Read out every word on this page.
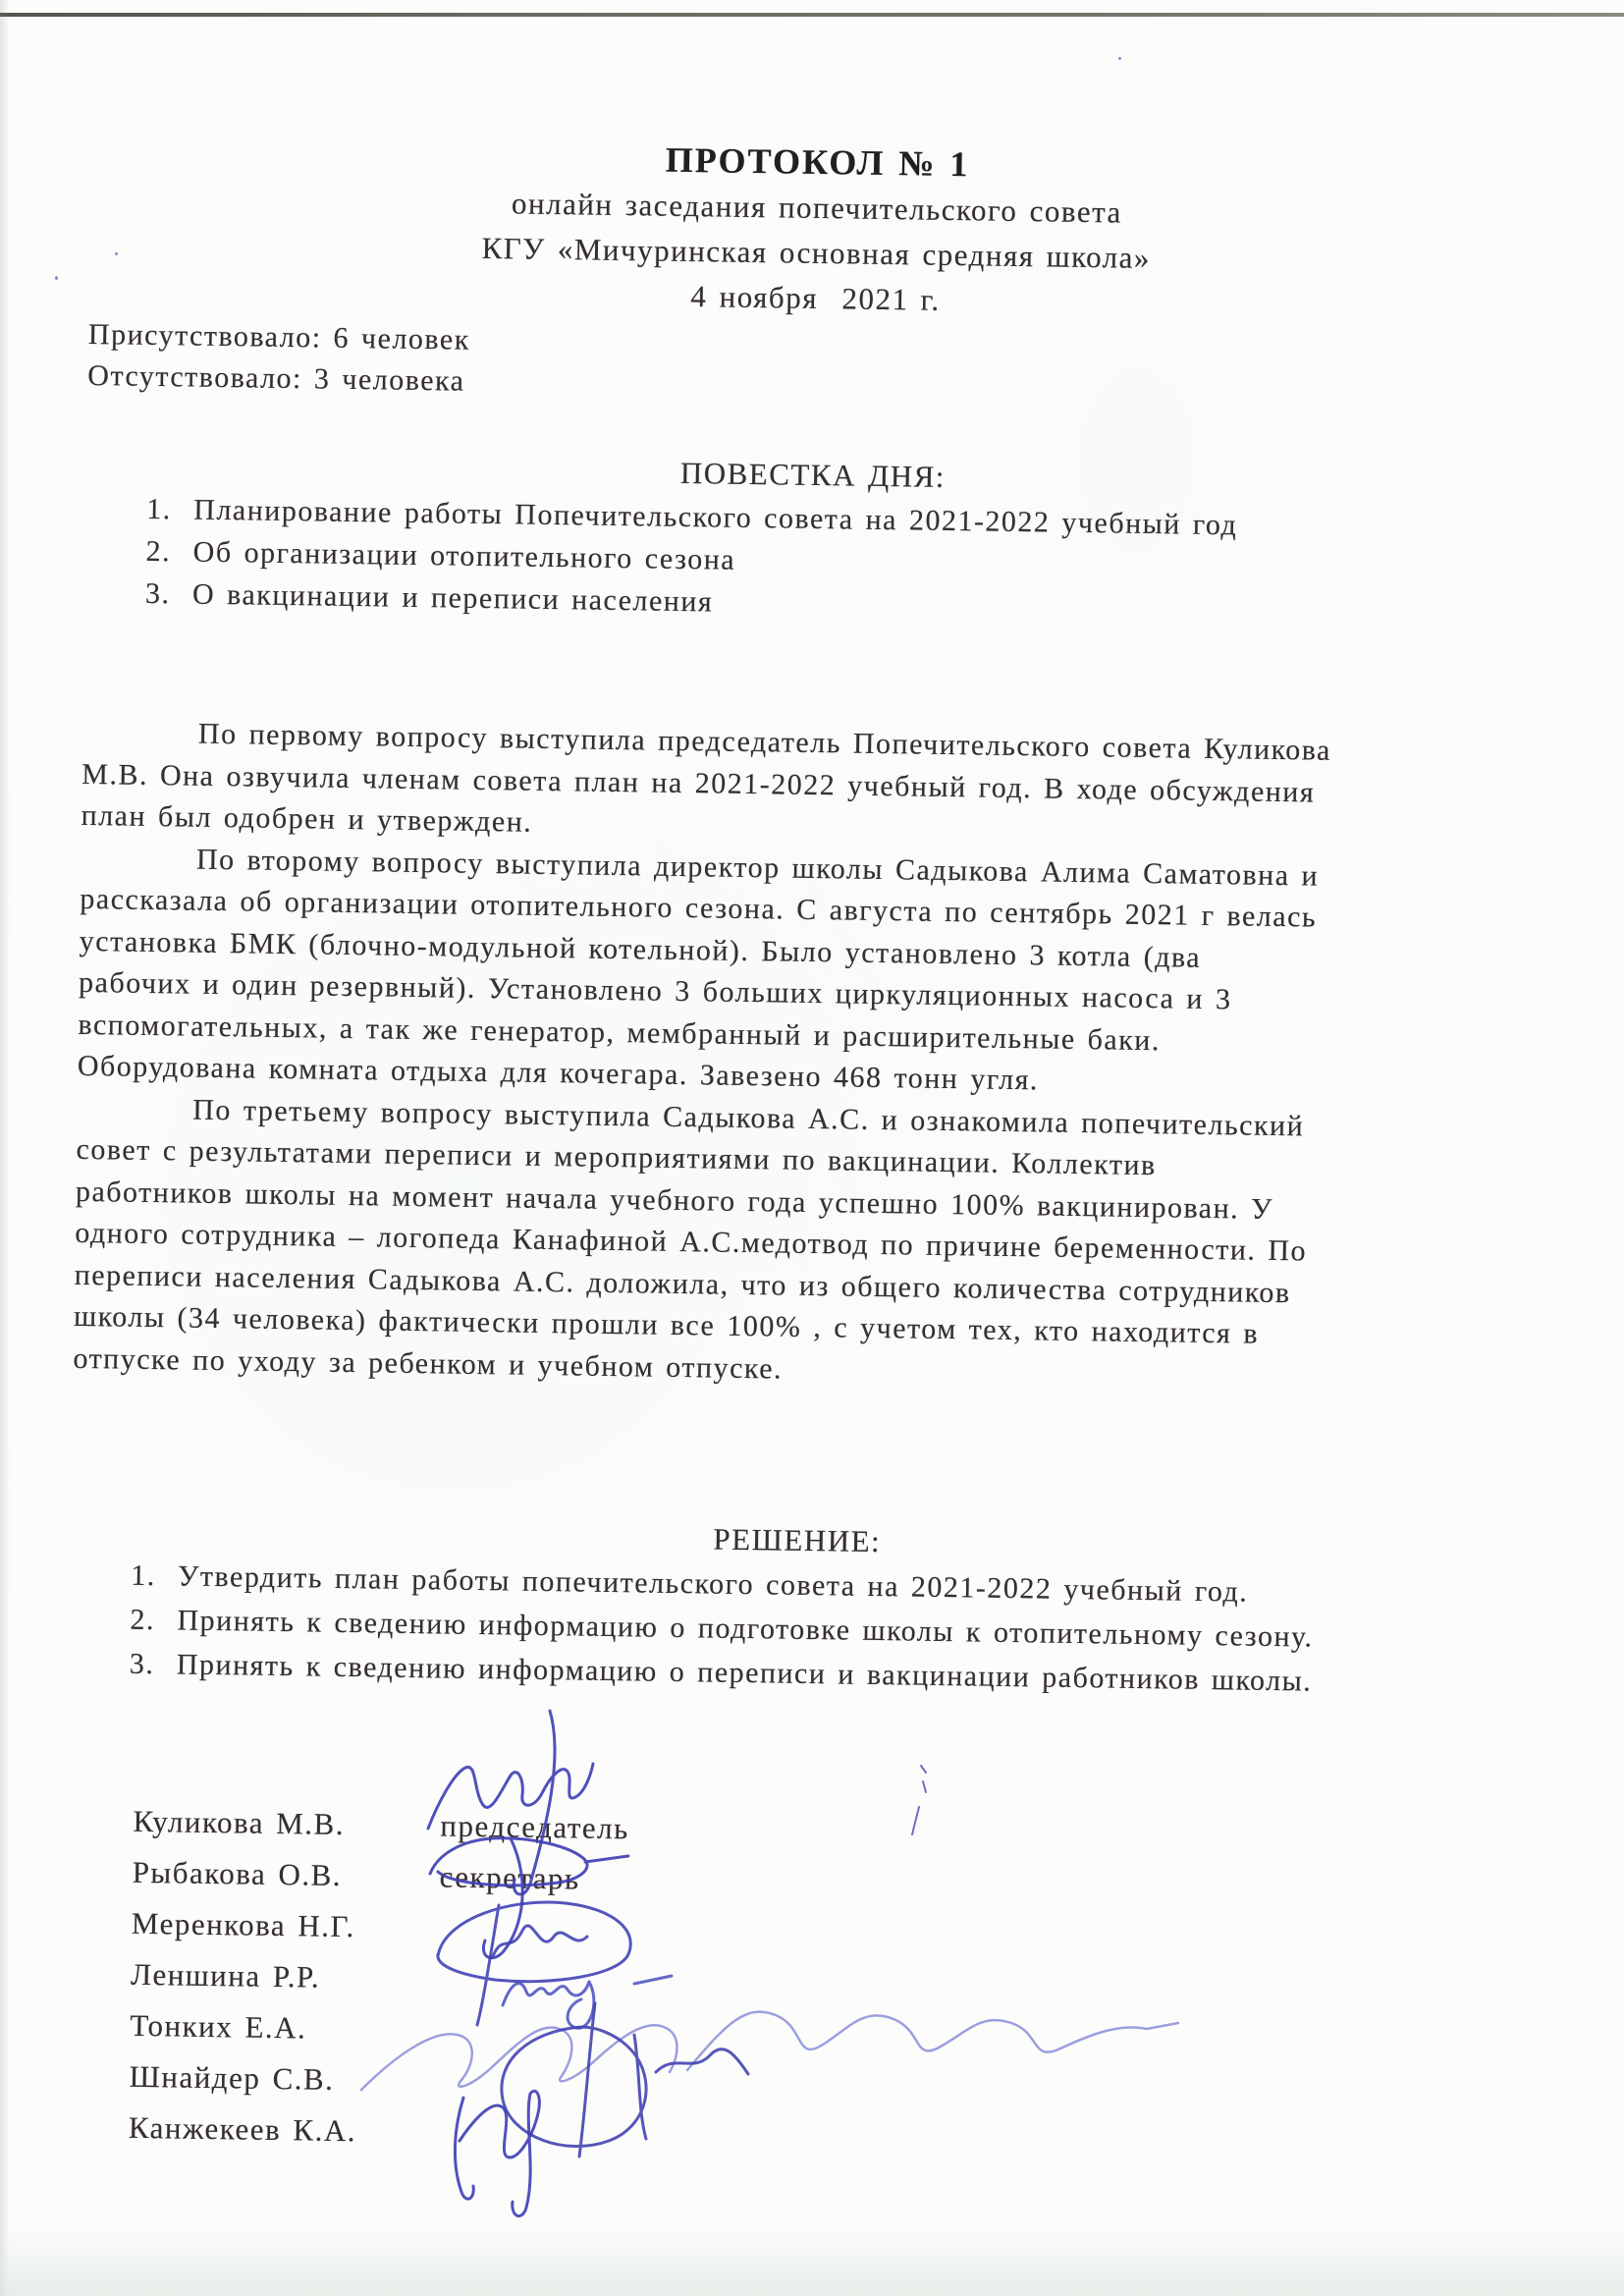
ПРОТОКОЛ № 1
онлайн заседания попечительского совета
КГУ «Мичуринская основная средняя школа»
4 ноября  2021 г.
Присутствовало: 6 человек
Отсутствовало: 3 человека
ПОВЕСТКА ДНЯ:
Планирование работы Попечительского совета на 2021-2022 учебный год
Об организации отопительного сезона
О вакцинации и переписи населения

По первому вопросу выступила председатель Попечительского совета Куликова
М.В. Она озвучила членам совета план на 2021-2022 учебный год. В ходе обсуждения
план был одобрен и утвержден.

По второму вопросу выступила директор школы Садыкова Алима Саматовна и
рассказала об организации отопительного сезона. С августа по сентябрь 2021 г велась
установка БМК (блочно-модульной котельной). Было установлено 3 котла (два
рабочих и один резервный). Установлено 3 больших циркуляционных насоса и 3
вспомогательных, а так же генератор, мембранный и расширительные баки.
Оборудована комната отдыха для кочегара. Завезено 468 тонн угля.

По третьему вопросу выступила Садыкова А.С. и ознакомила попечительский
совет с результатами переписи и мероприятиями по вакцинации. Коллектив
работников школы на момент начала учебного года успешно 100% вакцинирован. У
одного сотрудника – логопеда Канафиной А.С.медотвод по причине беременности. По
переписи населения Садыкова А.С. доложила, что из общего количества сотрудников
школы (34 человека) фактически прошли все 100% , с учетом тех, кто находится в
отпуске по уходу за ребенком и учебном отпуске.

РЕШЕНИЕ:
Утвердить план работы попечительского совета на 2021-2022 учебный год.
Принять к сведению информацию о подготовке школы к отопительному сезону.
Принять к сведению информацию о переписи и вакцинации работников школы.
Куликова М.В.	председатель
Рыбакова О.В.	секретарь
Меренкова Н.Г.
Леншина Р.Р.
Тонких Е.А.
Шнайдер С.В.
Канжекеев К.А.
